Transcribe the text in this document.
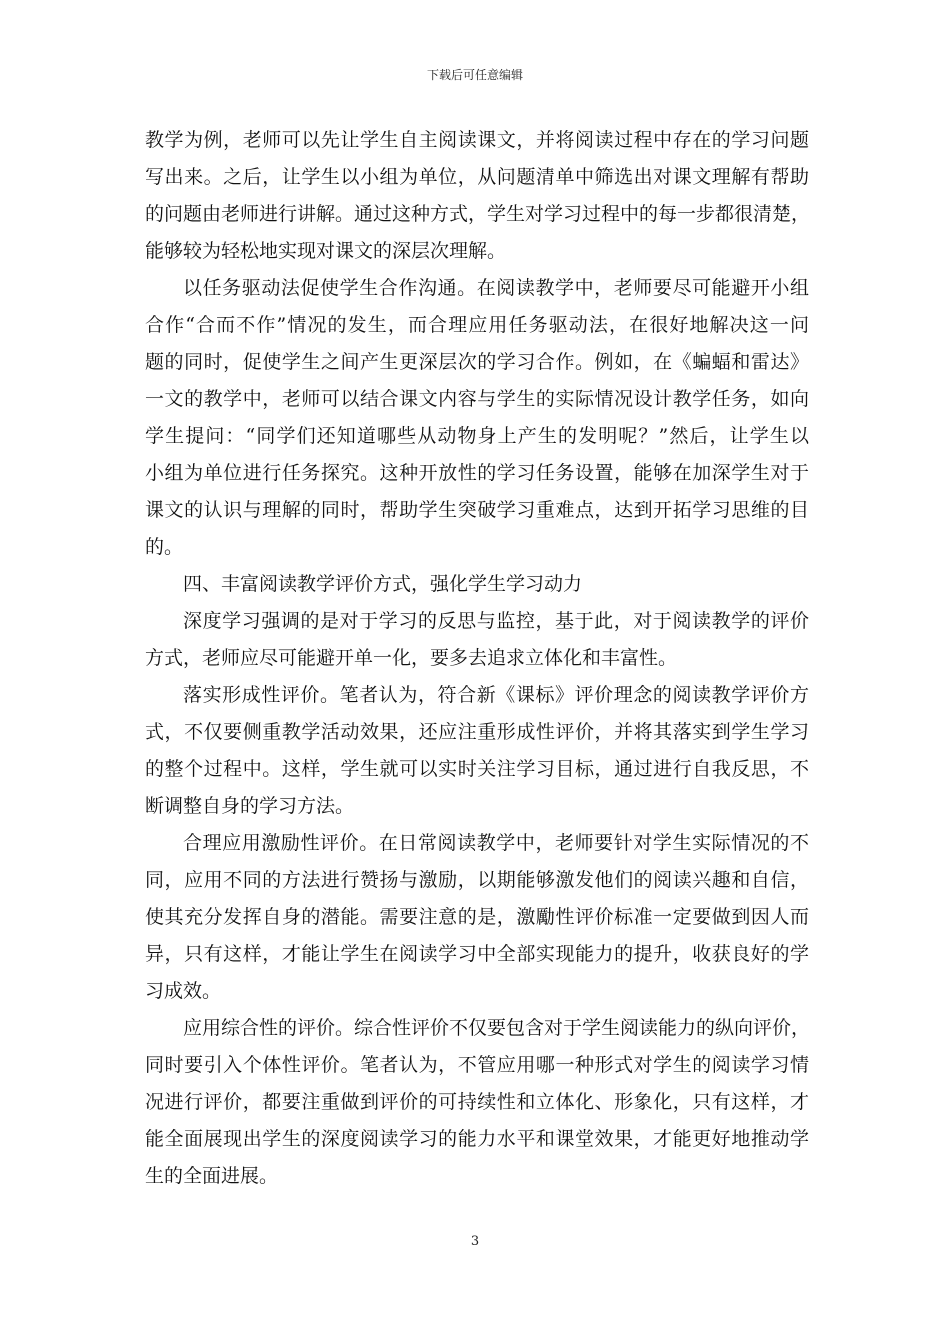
下载后可任意编辑
教学为例，老师可以先让学生自主阅读课文，并将阅读过程中存在的学习问题
写出来。之后，让学生以小组为单位，从问题清单中筛选出对课文理解有帮助
的问题由老师进行讲解。通过这种方式，学生对学习过程中的每一步都很清楚，
能够较为轻松地实现对课文的深层次理解。
以任务驱动法促使学生合作沟通。在阅读教学中，老师要尽可能避开小组
合作“合而不作”情况的发生，而合理应用任务驱动法，在很好地解决这一问
题的同时，促使学生之间产生更深层次的学习合作。例如，在《蝙蝠和雷达》
一文的教学中，老师可以结合课文内容与学生的实际情况设计教学任务，如向
学生提问：“同学们还知道哪些从动物身上产生的发明呢？”然后，让学生以
小组为单位进行任务探究。这种开放性的学习任务设置，能够在加深学生对于
课文的认识与理解的同时，帮助学生突破学习重难点，达到开拓学习思维的目
的。
四、丰富阅读教学评价方式，强化学生学习动力
深度学习强调的是对于学习的反思与监控，基于此，对于阅读教学的评价
方式，老师应尽可能避开单一化，要多去追求立体化和丰富性。
落实形成性评价。笔者认为，符合新《课标》评价理念的阅读教学评价方
式，不仅要侧重教学活动效果，还应注重形成性评价，并将其落实到学生学习
的整个过程中。这样，学生就可以实时关注学习目标，通过进行自我反思，不
断调整自身的学习方法。
合理应用激励性评价。在日常阅读教学中，老师要针对学生实际情况的不
同，应用不同的方法进行赞扬与激励，以期能够激发他们的阅读兴趣和自信，
使其充分发挥自身的潜能。需要注意的是，激勵性评价标准一定要做到因人而
异，只有这样，才能让学生在阅读学习中全部实现能力的提升，收获良好的学
习成效。
应用综合性的评价。综合性评价不仅要包含对于学生阅读能力的纵向评价，
同时要引入个体性评价。笔者认为，不管应用哪一种形式对学生的阅读学习情
况进行评价，都要注重做到评价的可持续性和立体化、形象化，只有这样，才
能全面展现出学生的深度阅读学习的能力水平和课堂效果，才能更好地推动学
生的全面进展。
3
